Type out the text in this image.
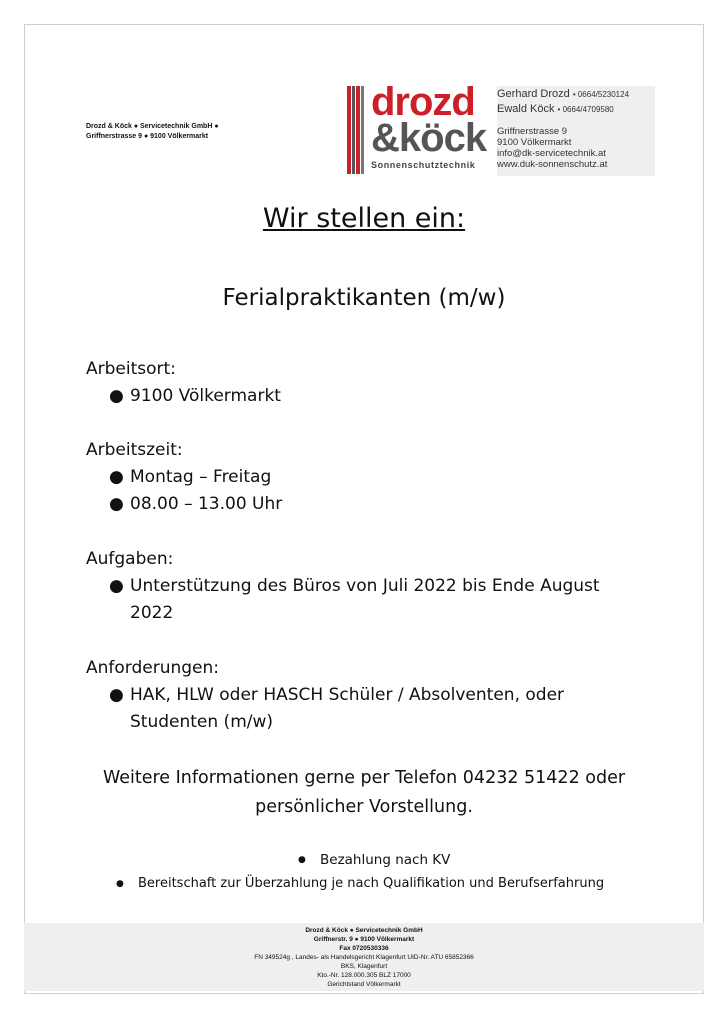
Drozd & Köck ● Servicetechnik GmbH ●
Griffnerstrasse 9 ● 9100 Völkermarkt
drozd
&köck
Sonnenschutztechnik
Gerhard Drozd • 0664/5230124
Ewald Köck • 0664/4709580
Griffnerstrasse 9
9100 Völkermarkt
info@dk-servicetechnik.at
www.duk-sonnenschutz.at
Wir stellen ein:
Ferialpraktikanten (m/w)
Arbeitsort:
● 9100 Völkermarkt
Arbeitszeit:
● Montag – Freitag
● 08.00 – 13.00 Uhr
Aufgaben:
● Unterstützung des Büros von Juli 2022 bis Ende August 2022
Anforderungen:
● HAK, HLW oder HASCH Schüler / Absolventen, oder Studenten (m/w)
Weitere Informationen gerne per Telefon 04232 51422 oder
persönlicher Vorstellung.
● Bezahlung nach KV
● Bereitschaft zur Überzahlung je nach Qualifikation und Berufserfahrung
Drozd & Köck ● Servicetechnik GmbH
Griffnerstr. 9 ● 9100 Völkermarkt
Fax 0720530336
FN 349524g , Landes- als Handelsgericht Klagenfurt UID-Nr. ATU 65852366
BKS, Klagenfurt
Kto.-Nr. 128.000.305 BLZ 17000
Gerichtstand Völkermarkt
